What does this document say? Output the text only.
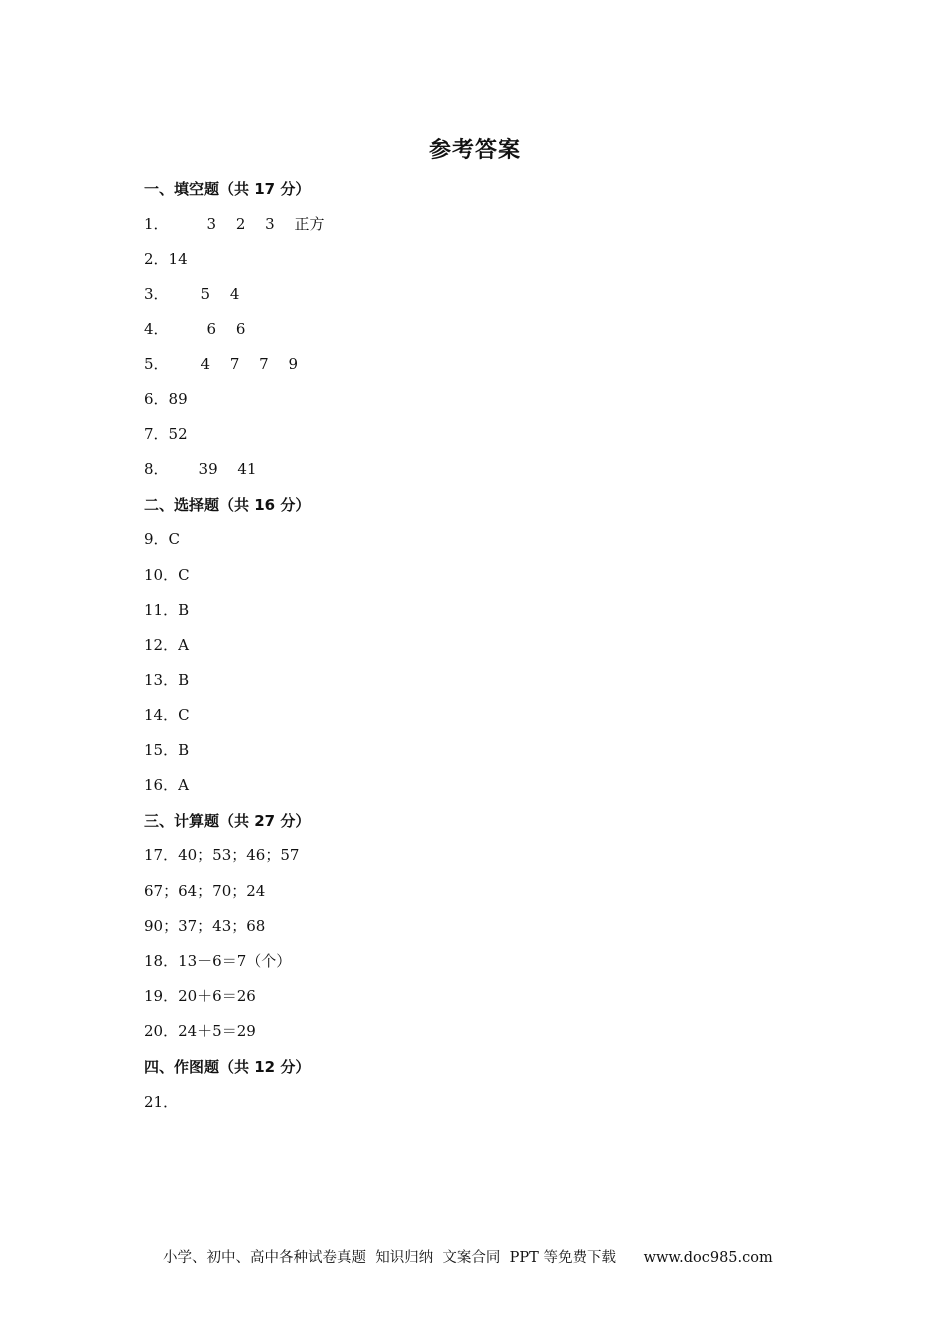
参考答案
一、填空题（共 17 分）
1．	3　 2　 3　 正方
2．14
3． 5　 4
4．	6　 6
5． 4　 7　 7　 9
6．89
7．52
8． 39　 41
二、选择题（共 16 分）
9．C
10．C
11．B
12．A
13．B
14．C
15．B
16．A
三、计算题（共 27 分）
17．40；53；46；57
67；64；70；24
90；37；43；68
18．13－6＝7（个）
19．20＋6＝26
20．24＋5＝29
四、作图题（共 12 分）
21．
小学、初中、高中各种试卷真题  知识归纳  文案合同  PPT 等免费下载      www.doc985.com
